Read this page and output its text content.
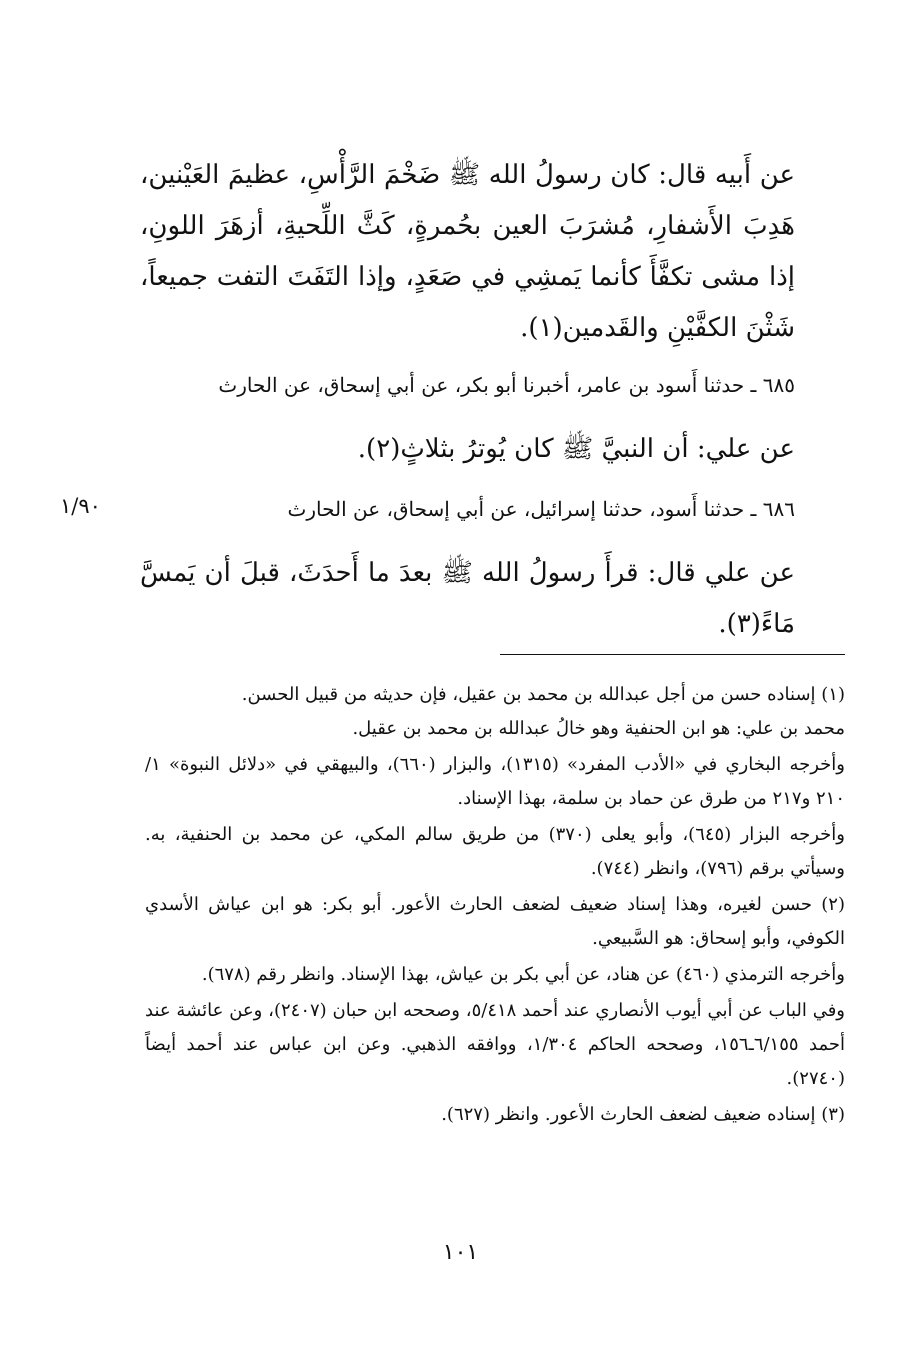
عن أَبيه قال: كان رسولُ الله ﷺ ضَخْمَ الرَّأْسِ، عظيمَ العَيْنين، هَدِبَ الأَشفارِ، مُشرَبَ العين بحُمرةٍ، كَثَّ اللِّحيةِ، أزهَرَ اللونِ، إذا مشى تكفَّأَ كأنما يَمشِي في صَعَدٍ، وإذا التَفَتَ التفت جميعاً، شَثْنَ الكفَّيْنِ والقَدمين(١).

٦٨٥ ـ حدثنا أَسود بن عامر، أخبرنا أبو بكر، عن أبي إسحاق، عن الحارث
عن علي: أن النبيَّ ﷺ كان يُوترُ بثلاثٍ(٢).
١/٩٠	٦٨٦ ـ حدثنا أَسود، حدثنا إسرائيل، عن أبي إسحاق، عن الحارث
عن علي قال: قرأَ رسولُ الله ﷺ بعدَ ما أَحدَثَ، قبلَ أن يَمسَّ مَاءً(٣).

(١) إسناده حسن من أجل عبدالله بن محمد بن عقيل، فإن حديثه من قبيل الحسن.

محمد بن علي: هو ابن الحنفية وهو خالُ عبدالله بن محمد بن عقيل.

وأخرجه البخاري في «الأدب المفرد» (١٣١٥)، والبزار (٦٦٠)، والبيهقي في «دلائل النبوة» ١/ ٢١٠ و٢١٧ من طرق عن حماد بن سلمة، بهذا الإسناد.

وأخرجه البزار (٦٤٥)، وأبو يعلى (٣٧٠) من طريق سالم المكي، عن محمد بن الحنفية، به. وسيأتي برقم (٧٩٦)، وانظر (٧٤٤).

(٢) حسن لغيره، وهذا إسناد ضعيف لضعف الحارث الأعور. أبو بكر: هو ابن عياش الأسدي الكوفي، وأبو إسحاق: هو السَّبيعي.

وأخرجه الترمذي (٤٦٠) عن هناد، عن أبي بكر بن عياش، بهذا الإسناد. وانظر رقم (٦٧٨).

وفي الباب عن أبي أيوب الأنصاري عند أحمد ٥/٤١٨، وصححه ابن حبان (٢٤٠٧)، وعن عائشة عند أحمد ٦/١٥٥ـ١٥٦، وصححه الحاكم ١/٣٠٤، ووافقه الذهبي. وعن ابن عباس عند أحمد أيضاً (٢٧٤٠).

(٣) إسناده ضعيف لضعف الحارث الأعور. وانظر (٦٢٧).

١٠١
